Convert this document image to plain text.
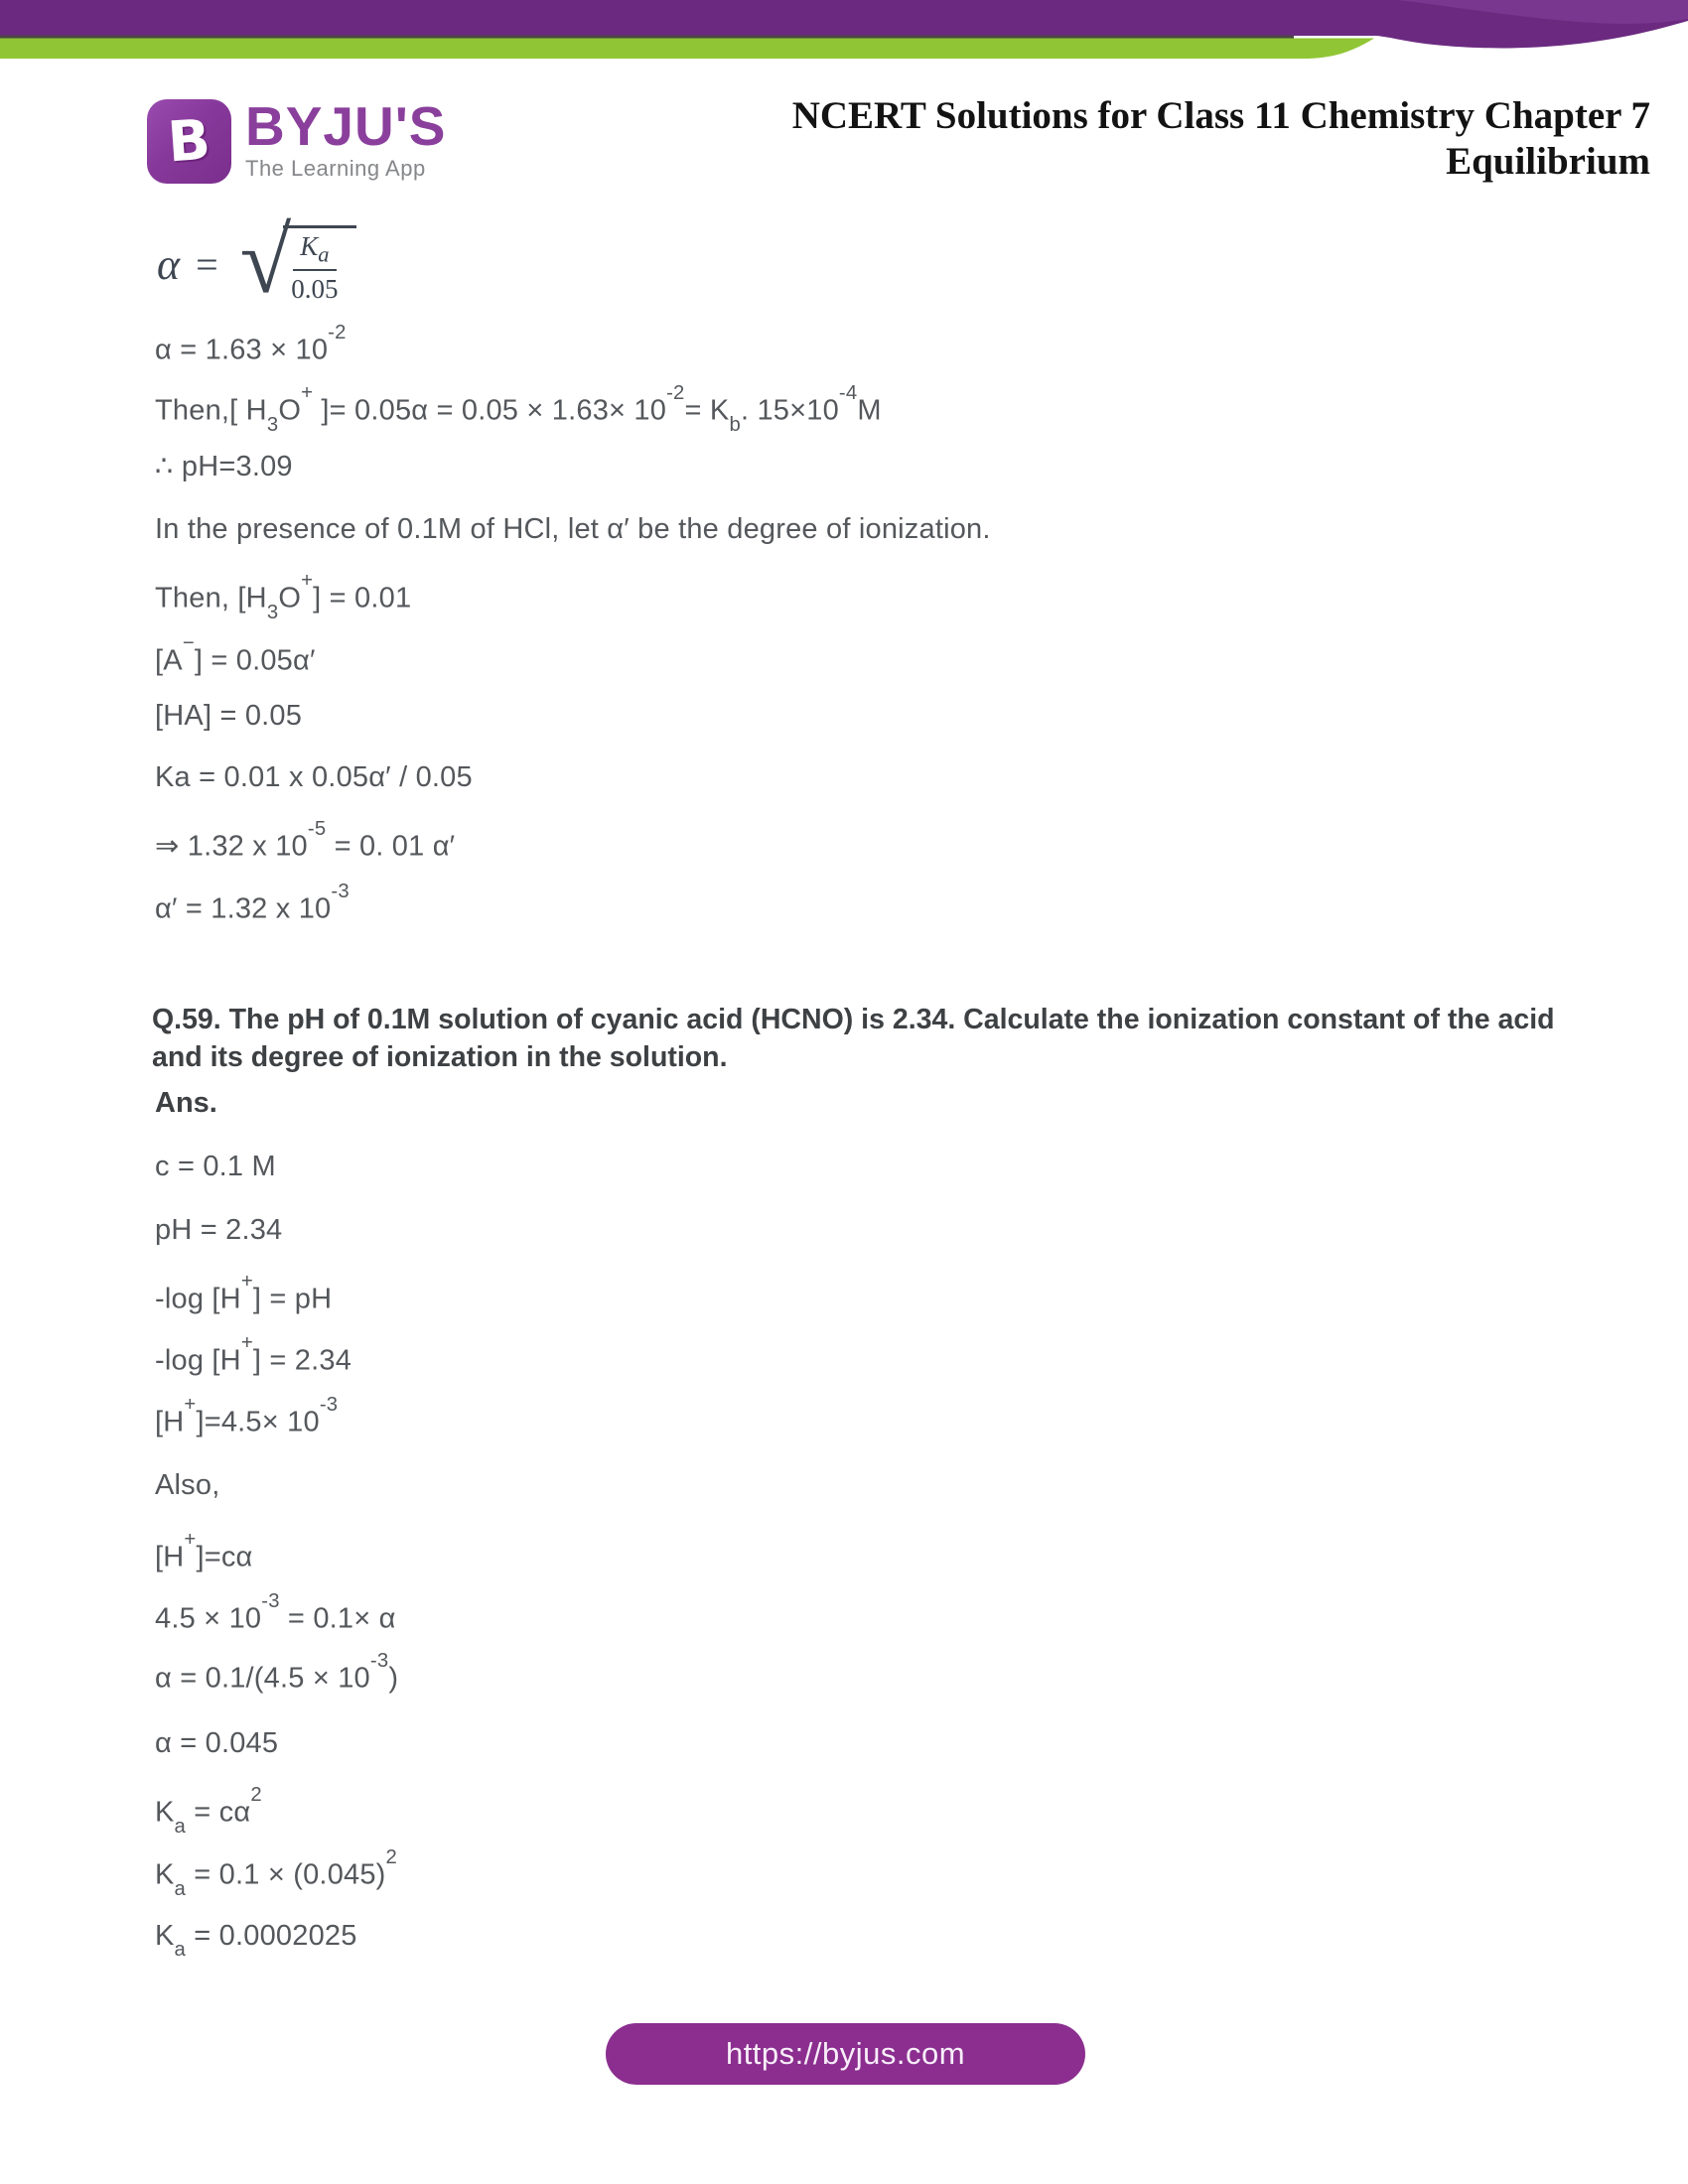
B BYJU'S
The Learning App
NCERT Solutions for Class 11 Chemistry Chapter 7
Equilibrium
α = √
$\frac{K_a}{0.05}$
$\alpha = 1.63 \times 10^{-2}$
Then,[ $H_3O^+$ ]= $0.05\alpha = 0.05 \times 1.63\times 10^{-2}= K_b$. $15\times 10^{-4}M$
∴ pH=3.09
In the presence of 0.1M of HCl, let α′ be the degree of ionization.
Then, $[H_3O^+] = 0.01$
[A−] = 0.05α′
[HA] = 0.05
Ka = 0.01 x 0.05α′ / 0.05
⇒ 1.32 x $10^{-5} = 0$. 01 α′
α′ = 1.32 x $10^{-3}$
Q.59. The pH of 0.1M solution of cyanic acid (HCNO) is 2.34. Calculate the ionization constant of the acid and its degree of ionization in the solution.
Ans.
c = 0.1 M
pH = 2.34
-log [H+] = pH
-log [H+] = 2.34
$[H^+]=4.5\times 10^{-3}$
Also,
[H+]=cα
$4.5 \times 10^{-3} = 0.1\times \alpha$
$\alpha = 0.1/(4.5 \times 10^{-3})$
α = 0.045
$K_a = c\alpha^2$
$K_a = 0.1 \times (0.045)^2$
$K_a = 0.0002025$
https://byjus.com
